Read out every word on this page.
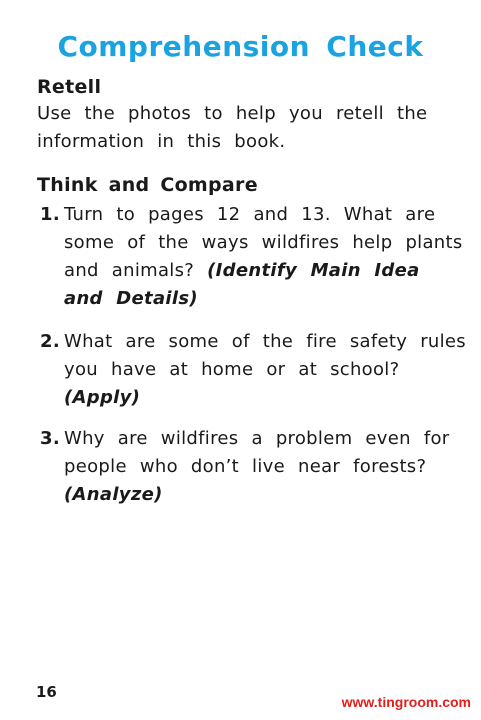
Comprehension Check
Retell
Use the photos to help you retell the information in this book.
Think and Compare
1. Turn to pages 12 and 13. What are some of the ways wildfires help plants and animals? (Identify Main Idea and Details)
2. What are some of the fire safety rules you have at home or at school? (Apply)
3. Why are wildfires a problem even for people who don’t live near forests? (Analyze)
16
www.tingroom.com
